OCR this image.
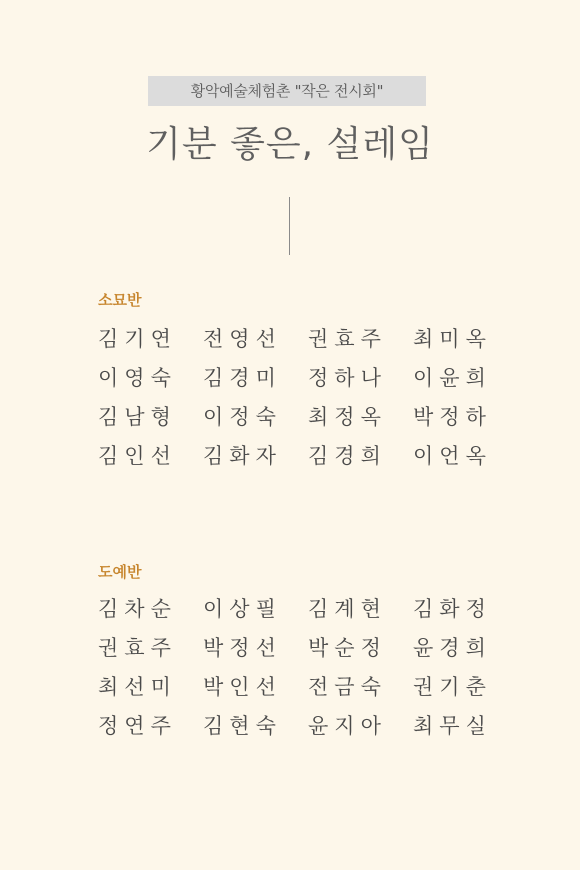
황악예술체험촌 "작은 전시회"
기분 좋은, 설레임
소묘반
김기연	전영선	권효주	최미옥
이영숙	김경미	정하나	이윤희
김남형	이정숙	최정옥	박정하
김인선	김화자	김경희	이언옥
도예반
김차순	이상필	김계현	김화정
권효주	박정선	박순정	윤경희
최선미	박인선	전금숙	권기춘
정연주	김현숙	윤지아	최무실
